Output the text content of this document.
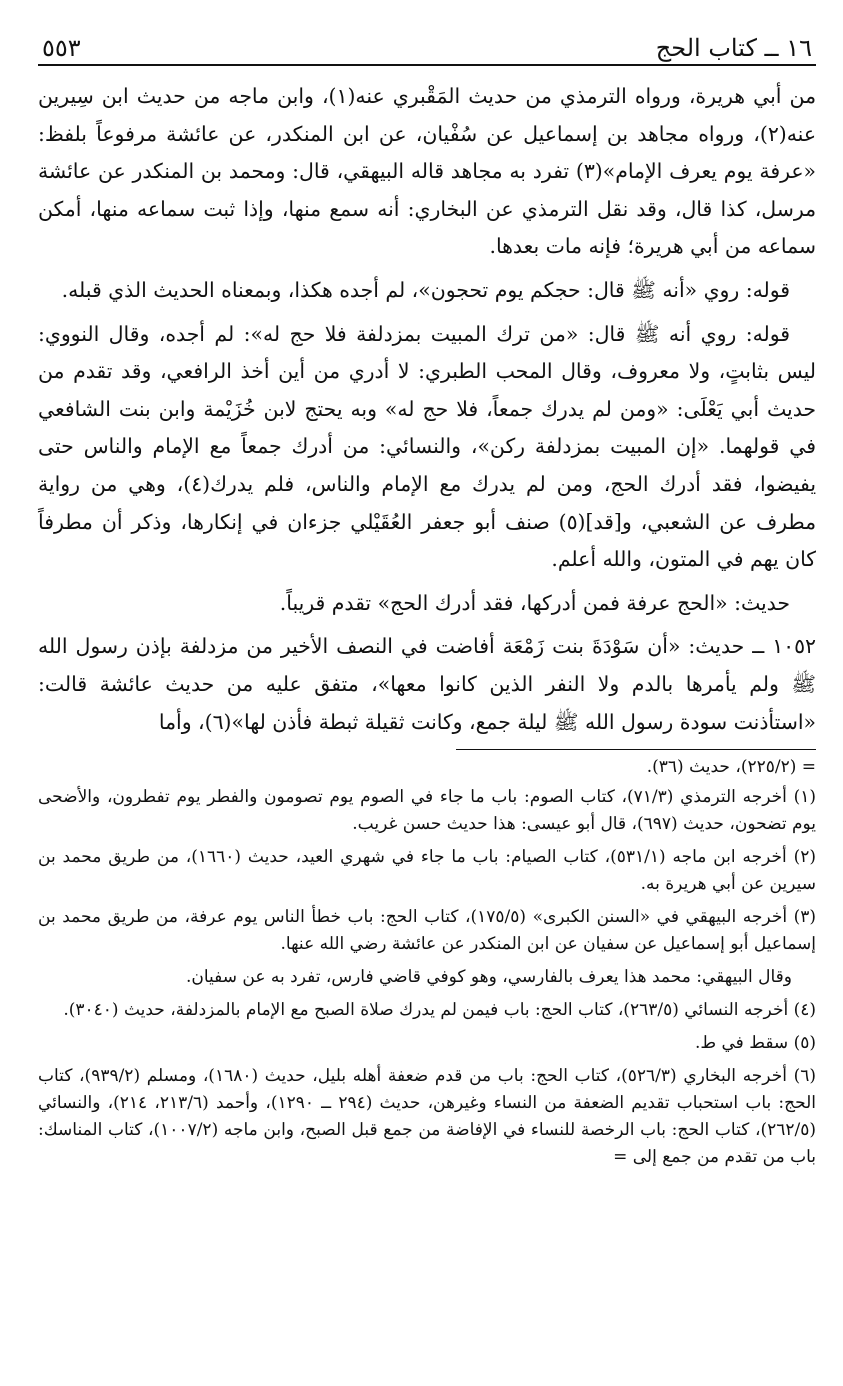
١٦ ــ كتاب الحج
٥٥٣

من أبي هريرة، ورواه الترمذي من حديث المَقْبري عنه(١)، وابن ماجه من حديث ابن سِيرين عنه(٢)، ورواه مجاهد بن إسماعيل عن سُفْيان، عن ابن المنكدر، عن عائشة مرفوعاً بلفظ: «عرفة يوم يعرف الإمام»(٣) تفرد به مجاهد قاله البيهقي، قال: ومحمد بن المنكدر عن عائشة مرسل، كذا قال، وقد نقل الترمذي عن البخاري: أنه سمع منها، وإذا ثبت سماعه منها، أمكن سماعه من أبي هريرة؛ فإنه مات بعدها.

قوله: روي «أنه ﷺ قال: حجكم يوم تحجون»، لم أجده هكذا، وبمعناه الحديث الذي قبله.

قوله: روي أنه ﷺ قال: «من ترك المبيت بمزدلفة فلا حج له»: لم أجده، وقال النووي: ليس بثابتٍ، ولا معروف، وقال المحب الطبري: لا أدري من أين أخذ الرافعي، وقد تقدم من حديث أبي يَعْلَى: «ومن لم يدرك جمعاً، فلا حج له» وبه يحتج لابن خُزَيْمة وابن بنت الشافعي في قولهما. «إن المبيت بمزدلفة ركن»، والنسائي: من أدرك جمعاً مع الإمام والناس حتى يفيضوا، فقد أدرك الحج، ومن لم يدرك مع الإمام والناس، فلم يدرك(٤)، وهي من رواية مطرف عن الشعبي، و[قد](٥) صنف أبو جعفر العُقَيْلي جزءان في إنكارها، وذكر أن مطرفاً كان يهم في المتون، والله أعلم.

حديث: «الحج عرفة فمن أدركها، فقد أدرك الحج» تقدم قريباً.

١٠٥٢ ــ حديث: «أن سَوْدَةَ بنت زَمْعَة أفاضت في النصف الأخير من مزدلفة بإذن رسول الله ﷺ ولم يأمرها بالدم ولا النفر الذين كانوا معها»، متفق عليه من حديث عائشة قالت: «استأذنت سودة رسول الله ﷺ ليلة جمع، وكانت ثقيلة ثبطة فأذن لها»(٦)، وأما

= (٢٢٥/٢)، حديث (٣٦).
(١) أخرجه الترمذي (٧١/٣)، كتاب الصوم: باب ما جاء في الصوم يوم تصومون والفطر يوم تفطرون، والأضحى يوم تضحون، حديث (٦٩٧)، قال أبو عيسى: هذا حديث حسن غريب.
(٢) أخرجه ابن ماجه (٥٣١/١)، كتاب الصيام: باب ما جاء في شهري العيد، حديث (١٦٦٠)، من طريق محمد بن سيرين عن أبي هريرة به.
(٣) أخرجه البيهقي في «السنن الكبرى» (١٧٥/٥)، كتاب الحج: باب خطأ الناس يوم عرفة، من طريق محمد بن إسماعيل أبو إسماعيل عن سفيان عن ابن المنكدر عن عائشة رضي الله عنها.
وقال البيهقي: محمد هذا يعرف بالفارسي، وهو كوفي قاضي فارس، تفرد به عن سفيان.
(٤) أخرجه النسائي (٢٦٣/٥)، كتاب الحج: باب فيمن لم يدرك صلاة الصبح مع الإمام بالمزدلفة، حديث (٣٠٤٠).
(٥) سقط في ط.
(٦) أخرجه البخاري (٥٢٦/٣)، كتاب الحج: باب من قدم ضعفة أهله بليل، حديث (١٦٨٠)، ومسلم (٩٣٩/٢)، كتاب الحج: باب استحباب تقديم الضعفة من النساء وغيرهن، حديث (٢٩٤ ــ ١٢٩٠)، وأحمد (٢١٣/٦، ٢١٤)، والنسائي (٢٦٢/٥)، كتاب الحج: باب الرخصة للنساء في الإفاضة من جمع قبل الصبح، وابن ماجه (١٠٠٧/٢)، كتاب المناسك: باب من تقدم من جمع إلى =
